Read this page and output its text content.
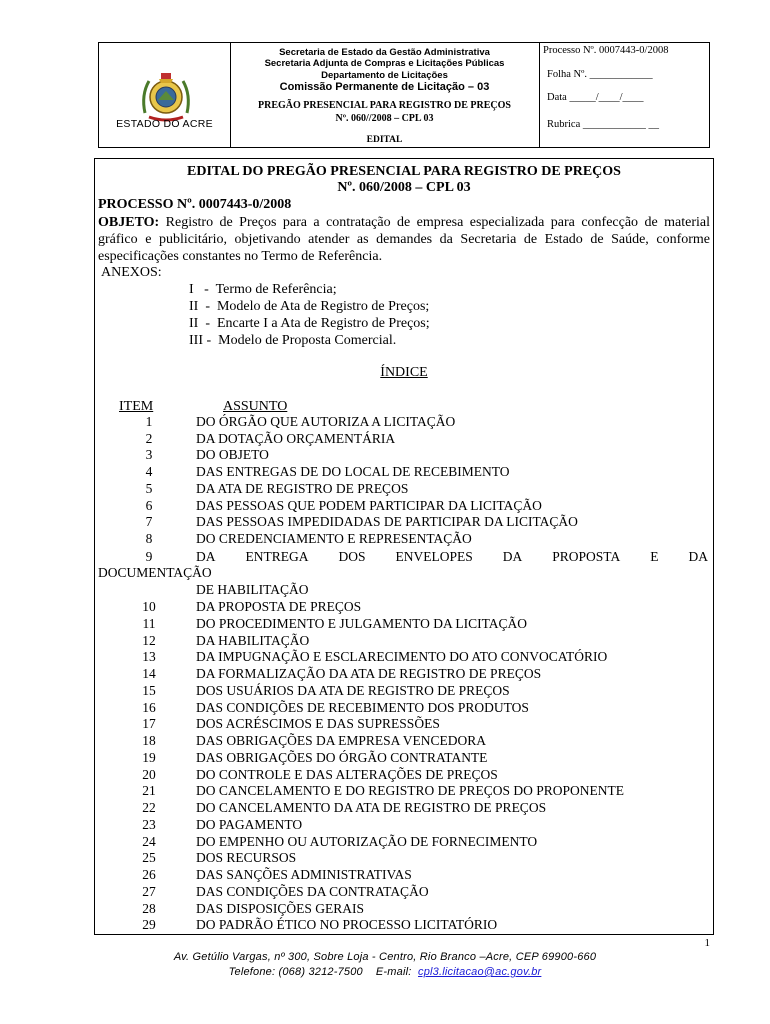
ESTADO DO ACRE
Secretaria de Estado da Gestão Administrativa
Secretaria Adjunta de Compras e Licitações Públicas
Departamento de Licitações
Comissão Permanente de Licitação – 03
PREGÃO PRESENCIAL PARA REGISTRO DE PREÇOS
Nº. 060//2008 – CPL 03
EDITAL
Processo Nº. 0007443-0/2008
Folha Nº. ____________
Data _____/____/____
Rubrica ____________ __
EDITAL DO PREGÃO PRESENCIAL PARA REGISTRO DE PREÇOS
Nº. 060/2008 – CPL 03
PROCESSO Nº. 0007443-0/2008
OBJETO: Registro de Preços para a contratação de empresa especializada para confecção de material gráfico e publicitário, objetivando atender as demandes da Secretaria de Estado de Saúde, conforme especificações constantes no Termo de Referência.
ANEXOS:
I   -  Termo de Referência;
II  -  Modelo de Ata de Registro de Preços;
II  -  Encarte I a Ata de Registro de Preços;
III -  Modelo de Proposta Comercial.
ÍNDICE
ITEM	ASSUNTO
1	DO ÓRGÃO QUE AUTORIZA A LICITAÇÃO
2	DA DOTAÇÃO ORÇAMENTÁRIA
3	DO OBJETO
4	DAS ENTREGAS DE DO LOCAL DE RECEBIMENTO
5	DA ATA DE REGISTRO DE PREÇOS
6	DAS PESSOAS QUE PODEM PARTICIPAR DA LICITAÇÃO
7	DAS PESSOAS IMPEDIDADAS DE PARTICIPAR DA LICITAÇÃO
8	DO CREDENCIAMENTO E REPRESENTAÇÃO
9	DA ENTREGA DOS ENVELOPES DA PROPOSTA E DA
DOCUMENTAÇÃO
DE HABILITAÇÃO
10	DA PROPOSTA DE PREÇOS
11	DO PROCEDIMENTO E JULGAMENTO DA LICITAÇÃO
12	DA HABILITAÇÃO
13	DA IMPUGNAÇÃO E ESCLARECIMENTO DO ATO CONVOCATÓRIO
14	DA FORMALIZAÇÃO DA ATA DE REGISTRO DE PREÇOS
15	DOS USUÁRIOS DA ATA DE REGISTRO DE PREÇOS
16	DAS CONDIÇÕES DE RECEBIMENTO DOS PRODUTOS
17	DOS ACRÉSCIMOS E DAS SUPRESSÕES
18	DAS OBRIGAÇÕES DA EMPRESA VENCEDORA
19	DAS OBRIGAÇÕES DO ÓRGÃO CONTRATANTE
20	DO CONTROLE E DAS ALTERAÇÕES DE PREÇOS
21	DO CANCELAMENTO E DO REGISTRO DE PREÇOS DO PROPONENTE
22	DO CANCELAMENTO DA ATA DE REGISTRO DE PREÇOS
23	DO PAGAMENTO
24	DO EMPENHO OU AUTORIZAÇÃO DE FORNECIMENTO
25	DOS RECURSOS
26	DAS SANÇÕES ADMINISTRATIVAS
27	DAS CONDIÇÕES DA CONTRATAÇÃO
28	DAS DISPOSIÇÕES GERAIS
29	DO PADRÃO ÉTICO NO PROCESSO LICITATÓRIO
1
Av. Getúlio Vargas, nº 300, Sobre Loja - Centro, Rio Branco –Acre, CEP 69900-660
Telefone: (068) 3212-7500    E-mail:  cpl3.licitacao@ac.gov.br
